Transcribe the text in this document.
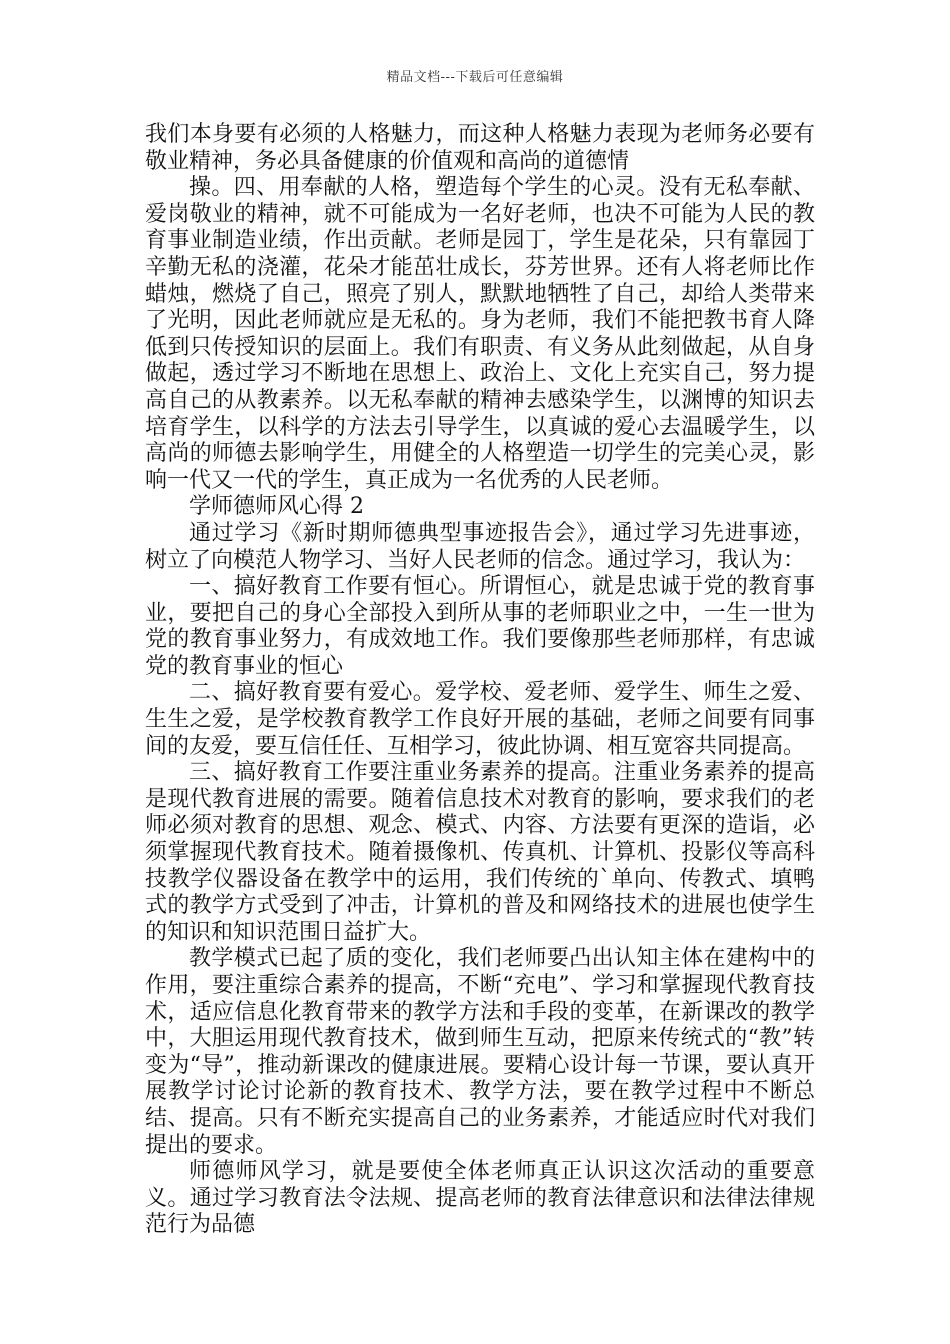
精品文档---下载后可任意编辑

我们本身要有必须的人格魅力，而这种人格魅力表现为老师务必要有敬业精神，务必具备健康的价值观和高尚的道德情

操。四、用奉献的人格，塑造每个学生的心灵。没有无私奉献、爱岗敬业的精神，就不可能成为一名好老师，也决不可能为人民的教育事业制造业绩，作出贡献。老师是园丁，学生是花朵，只有靠园丁辛勤无私的浇灌，花朵才能茁壮成长，芬芳世界。还有人将老师比作蜡烛，燃烧了自己，照亮了别人，默默地牺牲了自己，却给人类带来了光明，因此老师就应是无私的。身为老师，我们不能把教书育人降低到只传授知识的层面上。我们有职责、有义务从此刻做起，从自身做起，透过学习不断地在思想上、政治上、文化上充实自己，努力提高自己的从教素养。以无私奉献的精神去感染学生，以渊博的知识去培育学生，以科学的方法去引导学生，以真诚的爱心去温暖学生，以高尚的师德去影响学生，用健全的人格塑造一切学生的完美心灵，影响一代又一代的学生，真正成为一名优秀的人民老师。

学师德师风心得 2

通过学习《新时期师德典型事迹报告会》，通过学习先进事迹，树立了向模范人物学习、当好人民老师的信念。通过学习，我认为：

一、搞好教育工作要有恒心。所谓恒心，就是忠诚于党的教育事业，要把自己的身心全部投入到所从事的老师职业之中，一生一世为党的教育事业努力，有成效地工作。我们要像那些老师那样，有忠诚党的教育事业的恒心

二、搞好教育要有爱心。爱学校、爱老师、爱学生、师生之爱、生生之爱，是学校教育教学工作良好开展的基础，老师之间要有同事间的友爱，要互信任任、互相学习，彼此协调、相互宽容共同提高。

三、搞好教育工作要注重业务素养的提高。注重业务素养的提高是现代教育进展的需要。随着信息技术对教育的影响，要求我们的老师必须对教育的思想、观念、模式、内容、方法要有更深的造诣，必须掌握现代教育技术。随着摄像机、传真机、计算机、投影仪等高科技教学仪器设备在教学中的运用，我们传统的`单向、传教式、填鸭式的教学方式受到了冲击，计算机的普及和网络技术的进展也使学生的知识和知识范围日益扩大。

教学模式已起了质的变化，我们老师要凸出认知主体在建构中的作用，要注重综合素养的提高，不断“充电”、学习和掌握现代教育技术，适应信息化教育带来的教学方法和手段的变革，在新课改的教学中，大胆运用现代教育技术，做到师生互动，把原来传统式的“教”转变为“导”，推动新课改的健康进展。要精心设计每一节课，要认真开展教学讨论讨论新的教育技术、教学方法，要在教学过程中不断总结、提高。只有不断充实提高自己的业务素养，才能适应时代对我们提出的要求。

师德师风学习，就是要使全体老师真正认识这次活动的重要意义。通过学习教育法令法规、提高老师的教育法律意识和法律法律规范行为品德
